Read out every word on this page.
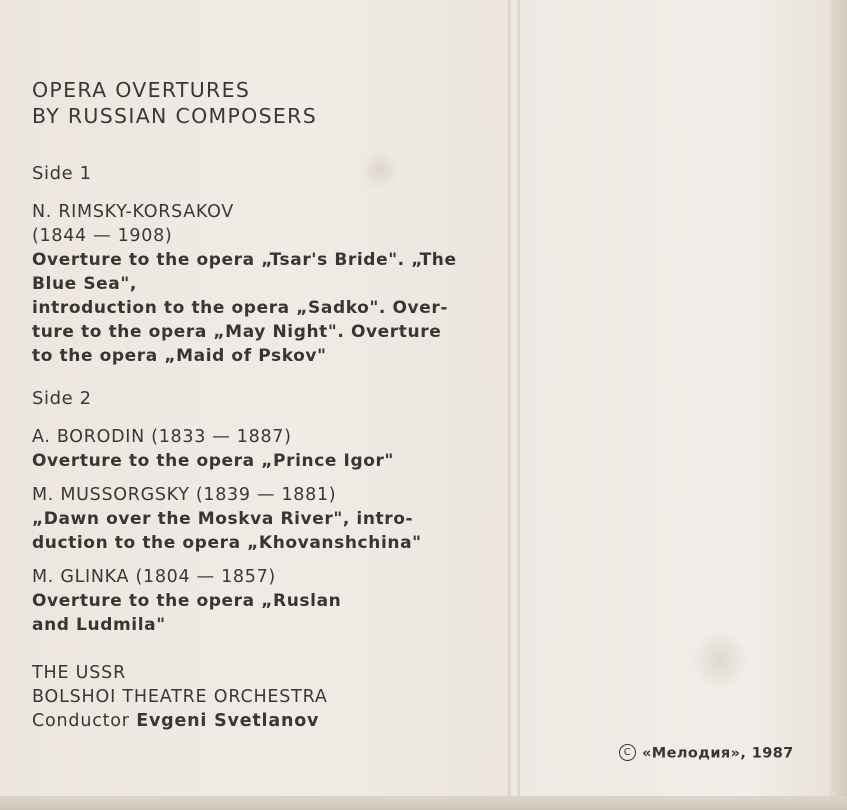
OPERA OVERTURES
BY RUSSIAN COMPOSERS
Side 1
N. RIMSKY-KORSAKOV
(1844 — 1908)
Overture to the opera „Tsar's Bride". „The
Blue Sea",
introduction to the opera „Sadko". Over-
ture to the opera „May Night". Overture
to the opera „Maid of Pskov"
Side 2
A. BORODIN (1833 — 1887)
Overture to the opera „Prince Igor"
M. MUSSORGSKY (1839 — 1881)
„Dawn over the Moskva River", intro-
duction to the opera „Khovanshchina"
M. GLINKA (1804 — 1857)
Overture to the opera „Ruslan
and Ludmila"
THE USSR
BOLSHOI THEATRE ORCHESTRA
Conductor Evgeni Svetlanov
C «Мелодия», 1987
